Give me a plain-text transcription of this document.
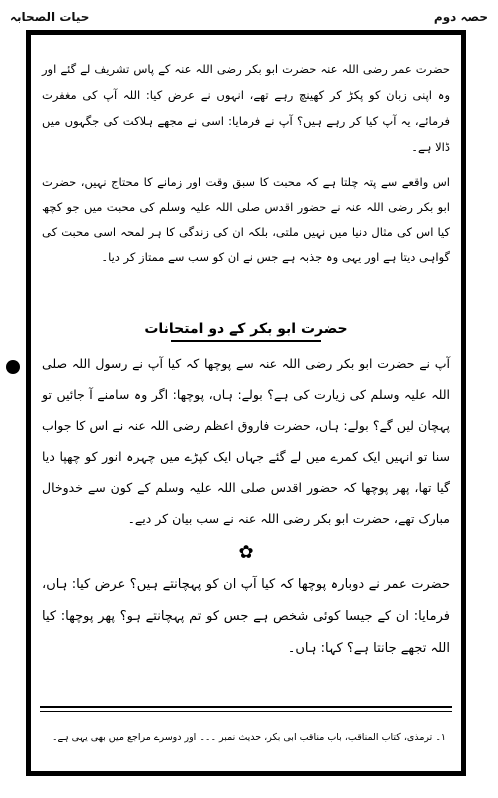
حصہ دوم
حیات الصحابہ

حضرت عمر رضی اللہ عنہ حضرت ابو بکر رضی اللہ عنہ کے پاس تشریف لے گئے اور وہ اپنی زبان کو پکڑ کر کھینچ رہے تھے، انہوں نے عرض کیا: اللہ آپ کی مغفرت فرمائے، یہ آپ کیا کر رہے ہیں؟ آپ نے فرمایا: اسی نے مجھے ہلاکت کی جگہوں میں ڈالا ہے۔

اس واقعے سے پتہ چلتا ہے کہ محبت کا سبق وقت اور زمانے کا محتاج نہیں، حضرت ابو بکر رضی اللہ عنہ نے حضور اقدس صلی اللہ علیہ وسلم کی محبت میں جو کچھ کیا اس کی مثال دنیا میں نہیں ملتی، بلکہ ان کی زندگی کا ہر لمحہ اسی محبت کی گواہی دیتا ہے اور یہی وہ جذبہ ہے جس نے ان کو سب سے ممتاز کر دیا۔

حضرت ابو بکر کے دو امتحانات

آپ نے حضرت ابو بکر رضی اللہ عنہ سے پوچھا کہ کیا آپ نے رسول اللہ صلی اللہ علیہ وسلم کی زیارت کی ہے؟ بولے: ہاں، پوچھا: اگر وہ سامنے آ جائیں تو پہچان لیں گے؟ بولے: ہاں، حضرت فاروق اعظم رضی اللہ عنہ نے اس کا جواب سنا تو انہیں ایک کمرے میں لے گئے جہاں ایک کپڑے میں چہرہ انور کو چھپا دیا گیا تھا، پھر پوچھا کہ حضور اقدس صلی اللہ علیہ وسلم کے کون سے خدوخال مبارک تھے، حضرت ابو بکر رضی اللہ عنہ نے سب بیان کر دیے۔

✿

حضرت عمر نے دوبارہ پوچھا کہ کیا آپ ان کو پہچانتے ہیں؟ عرض کیا: ہاں، فرمایا: ان کے جیسا کوئی شخص ہے جس کو تم پہچانتے ہو؟ پھر پوچھا: کیا اللہ تجھے جانتا ہے؟ کہا: ہاں۔

۱۔ ترمذی، کتاب المناقب، باب مناقب ابی بکر، حدیث نمبر ۔۔۔ اور دوسرے مراجع میں بھی یہی ہے۔
